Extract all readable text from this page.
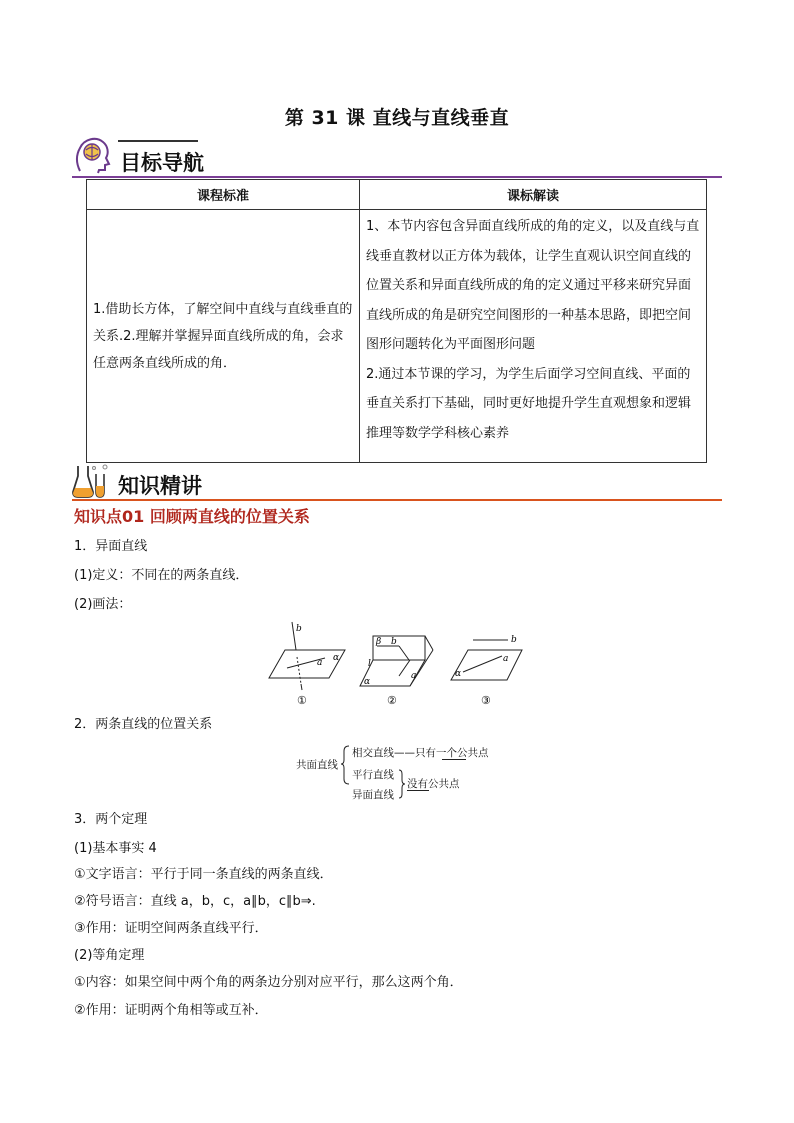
第 31 课 直线与直线垂直
目标导航
课程标准	课标解读
1.借助长方体，了解空间中直线与直线垂直的关系.2.理解并掌握异面直线所成的角，会求任意两条直线所成的角．	1、本节内容包含异面直线所成的角的定义，以及直线与直线垂直教材以正方体为载体，让学生直观认识空间直线的位置关系和异面直线所成的角的定义通过平移来研究异面直线所成的角是研究空间图形的一种基本思路，即把空间图形问题转化为平面图形问题
2.通过本节课的学习，为学生后面学习空间直线、平面的垂直关系打下基础，同时更好地提升学生直观想象和逻辑推理等数学学科核心素养
知识精讲
知识点01 回顾两直线的位置关系
1．异面直线
(1)定义：不同在的两条直线．
(2)画法：
b
a α
①
β b
l
a
α
②
b
a
α
③
2．两条直线的位置关系
共面直线
相交直线——只有一个公共点
平行直线
异面直线
没有公共点
3．两个定理
(1)基本事实 4
①文字语言：平行于同一条直线的两条直线．
②符号语言：直线 a，b，c，a∥b，c∥b⇒.
③作用：证明空间两条直线平行．
(2)等角定理
①内容：如果空间中两个角的两条边分别对应平行，那么这两个角．
②作用：证明两个角相等或互补．
